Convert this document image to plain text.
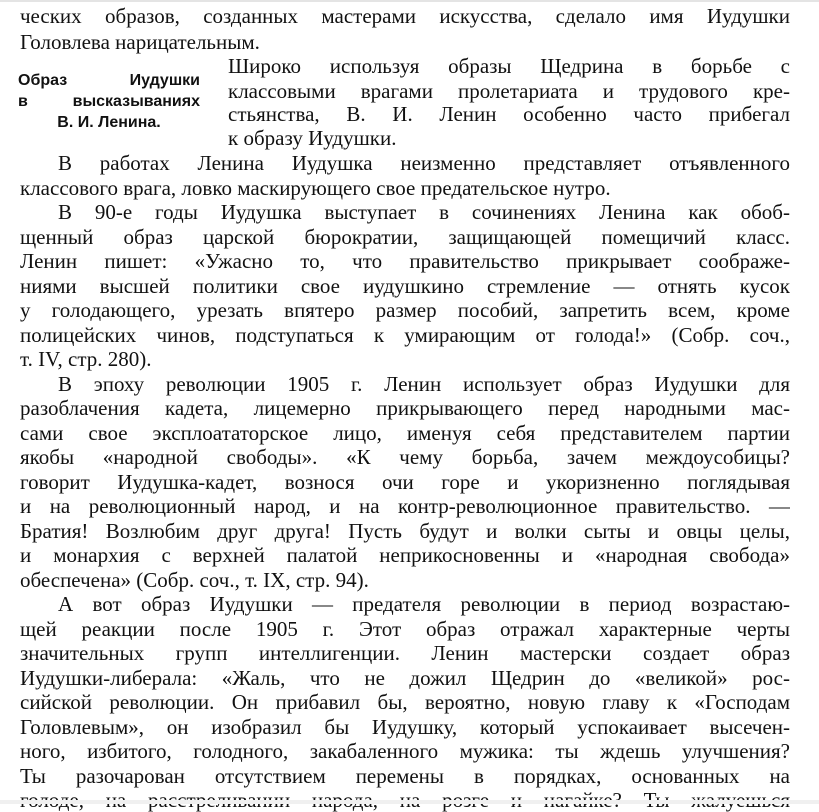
Образ Иудушки
в высказываниях
В. И. Ленина.
ческих образов, созданных мастерами искусства, сделало имя Иудушки
Головлева нарицательным.
Широко используя образы Щедрина в борьбе с
классовыми врагами пролетариата и трудового кре-
стьянства, В. И. Ленин особенно часто прибегал
к образу Иудушки.
В работах Ленина Иудушка неизменно представляет отъявленного
классового врага, ловко маскирующего свое предательское нутро.
В 90-е годы Иудушка выступает в сочинениях Ленина как обоб-
щенный образ царской бюрократии, защищающей помещичий класс.
Ленин пишет: «Ужасно то, что правительство прикрывает соображе-
ниями высшей политики свое иудушкино стремление — отнять кусок
у голодающего, урезать впятеро размер пособий, запретить всем, кроме
полицейских чинов, подступаться к умирающим от голода!» (Собр. соч.,
т. IV, стр. 280).
В эпоху революции 1905 г. Ленин использует образ Иудушки для
разоблачения кадета, лицемерно прикрывающего перед народными мас-
сами свое эксплоататорское лицо, именуя себя представителем партии
якобы «народной свободы». «К чему борьба, зачем междоусобицы?
говорит Иудушка-кадет, вознося очи горе и укоризненно поглядывая
и на революционный народ, и на контр-революционное правительство. —
Братия! Возлюбим друг друга! Пусть будут и волки сыты и овцы целы,
и монархия с верхней палатой неприкосновенны и «народная свобода»
обеспечена» (Собр. соч., т. IX, стр. 94).
А вот образ Иудушки — предателя революции в период возрастаю-
щей реакции после 1905 г. Этот образ отражал характерные черты
значительных групп интеллигенции. Ленин мастерски создает образ
Иудушки-либерала: «Жаль, что не дожил Щедрин до «великой» рос-
сийской революции. Он прибавил бы, вероятно, новую главу к «Господам
Головлевым», он изобразил бы Иудушку, который успокаивает высечен-
ного, избитого, голодного, закабаленного мужика: ты ждешь улучшения?
Ты разочарован отсутствием перемены в порядках, основанных на
